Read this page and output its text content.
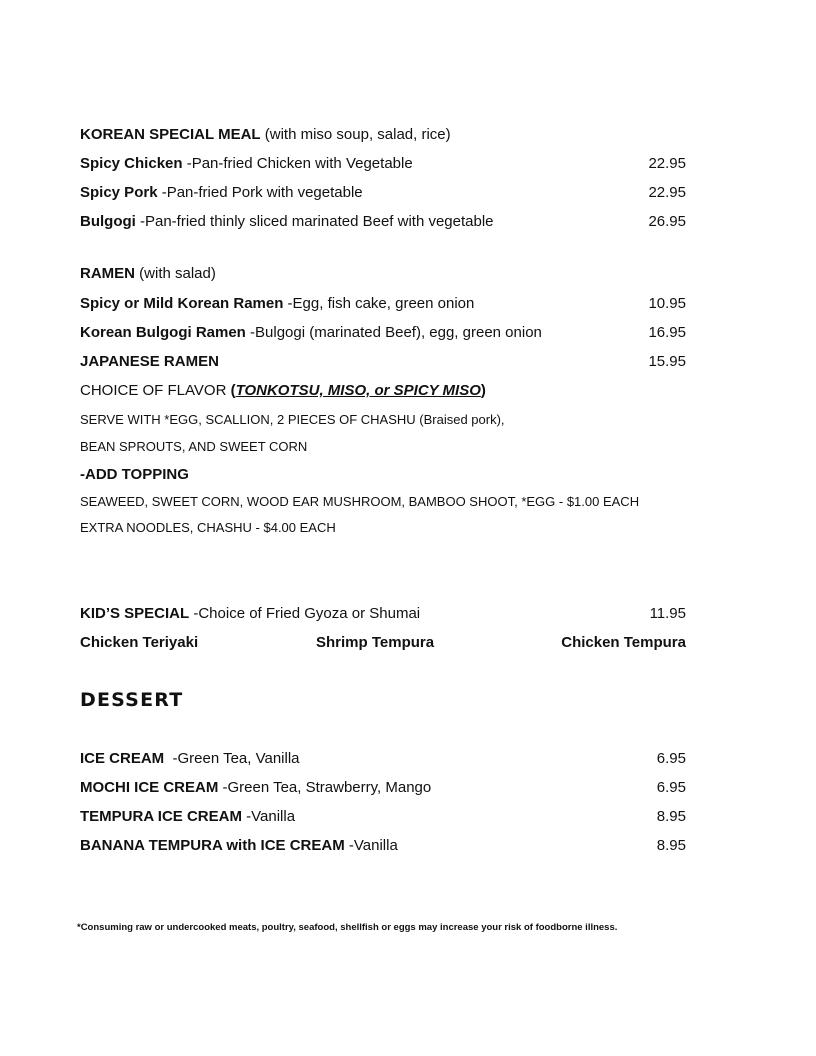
KOREAN SPECIAL MEAL (with miso soup, salad, rice)
Spicy Chicken -Pan-fried Chicken with Vegetable	22.95
Spicy Pork -Pan-fried Pork with vegetable	22.95
Bulgogi -Pan-fried thinly sliced marinated Beef with vegetable	26.95
RAMEN (with salad)
Spicy or Mild Korean Ramen -Egg, fish cake, green onion	10.95
Korean Bulgogi Ramen -Bulgogi (marinated Beef), egg, green onion	16.95
JAPANESE RAMEN	15.95
CHOICE OF FLAVOR (TONKOTSU, MISO, or SPICY MISO)
SERVE WITH *EGG, SCALLION, 2 PIECES OF CHASHU (Braised pork),
BEAN SPROUTS, AND SWEET CORN
-ADD TOPPING
SEAWEED, SWEET CORN, WOOD EAR MUSHROOM, BAMBOO SHOOT, *EGG - $1.00 EACH
EXTRA NOODLES, CHASHU - $4.00 EACH
KID’S SPECIAL -Choice of Fried Gyoza or Shumai	11.95
Chicken Teriyaki	Shrimp Tempura	Chicken Tempura
DESSERT
ICE CREAM  -Green Tea, Vanilla	6.95
MOCHI ICE CREAM -Green Tea, Strawberry, Mango	6.95
TEMPURA ICE CREAM -Vanilla	8.95
BANANA TEMPURA with ICE CREAM -Vanilla	8.95
*Consuming raw or undercooked meats, poultry, seafood, shellfish or eggs may increase your risk of foodborne illness.
